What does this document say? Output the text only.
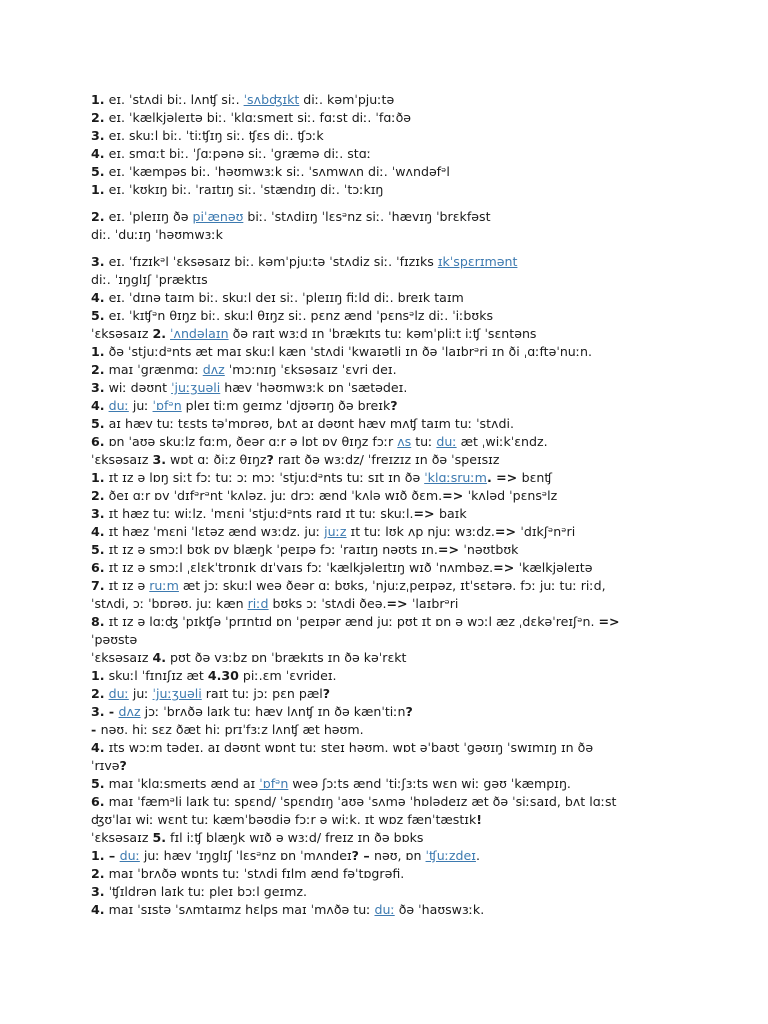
1. eɪ. ˈstʌdi biː. lʌnʧ siː. ˈsʌbʤɪkt diː. kəmˈpjuːtə
2. eɪ. ˈkælkjəleɪtə biː. ˈklɑːsmeɪt siː. fɑːst diː. ˈfɑːðə
3. eɪ. skuːl biː. ˈtiːʧɪŋ siː. ʧɛs diː. ʧɔːk
4. eɪ. smɑːt biː. ˈʃɑːpənə siː. ˈgræmə diː. stɑː
5. eɪ. ˈkæmpəs biː. ˈhəʊmwɜːk siː. ˈsʌmwʌn diː. ˈwʌndəfᵊl
1. eɪ. ˈkʊkɪŋ biː. ˈraɪtɪŋ siː. ˈstændɪŋ diː. ˈtɔːkɪŋ
2. eɪ. ˈpleɪɪŋ ðə piˈænəʊ biː. ˈstʌdiɪŋ ˈlɛsᵊnz siː. ˈhævɪŋ ˈbrɛkfəst
diː. ˈduːɪŋ ˈhəʊmwɜːk
3. eɪ. ˈfɪzɪkᵊl ˈɛksəsaɪz biː. kəmˈpjuːtə ˈstʌdiz siː. ˈfɪzɪks ɪkˈspɛrɪmənt
diː. ˈɪŋglɪʃ ˈpræktɪs
4. eɪ. ˈdɪnə taɪm biː. skuːl deɪ siː. ˈpleɪɪŋ fiːld diː. breɪk taɪm
5. eɪ. ˈkɪʧᵊn θɪŋz biː. skuːl θɪŋz siː. pɛnz ænd ˈpɛnsᵊlz diː. ˈiːbʊks
ˈɛksəsaɪz 2. ˈʌndəlaɪn ðə raɪt wɜːd ɪn ˈbrækɪts tuː kəmˈpliːt iːʧ ˈsɛntəns
1. ðə ˈstjuːdᵊnts æt maɪ skuːl kæn ˈstʌdi ˈkwaɪətli ɪn ðə ˈlaɪbrᵊri ɪn ði ˌɑːftəˈnuːn.
2. maɪ ˈgrænmɑː dʌz ˈmɔːnɪŋ ˈɛksəsaɪz ˈɛvri deɪ.
3. wiː dəʊnt ˈjuːʒuəli hæv ˈhəʊmwɜːk ɒn ˈsætədeɪ.
4. duː juː ˈɒfᵊn pleɪ tiːm geɪmz ˈdjʊərɪŋ ðə breɪk?
5. aɪ hæv tuː tɛsts təˈmɒrəʊ, bʌt aɪ dəʊnt hæv mʌʧ taɪm tuː ˈstʌdi.
6. ɒn ˈaʊə skuːlz fɑːm, ðeər ɑːr ə lɒt ɒv θɪŋz fɔːr ʌs tuː duː æt ˌwiːkˈɛndz.
ˈɛksəsaɪz 3. wɒt ɑː ðiːz θɪŋz? raɪt ðə wɜːdz/ ˈfreɪzɪz ɪn ðə ˈspeɪsɪz
1. ɪt ɪz ə lɒŋ siːt fɔː tuː ɔː mɔː ˈstjuːdᵊnts tuː sɪt ɪn ðə ˈklɑːsruːm. => bɛnʧ
2. ðeɪ ɑːr ɒv ˈdɪfᵊrᵊnt ˈkʌləz. juː drɔː ænd ˈkʌlə wɪð ðɛm.=> ˈkʌləd ˈpɛnsᵊlz
3. ɪt hæz tuː wiːlz. ˈmɛni ˈstjuːdᵊnts raɪd ɪt tuː skuːl.=> baɪk
4. ɪt hæz ˈmɛni ˈlɛtəz ænd wɜːdz. juː juːz ɪt tuː lʊk ʌp njuː wɜːdz.=> ˈdɪkʃᵊnᵊri
5. ɪt ɪz ə smɔːl bʊk ɒv blæŋk ˈpeɪpə fɔː ˈraɪtɪŋ nəʊts ɪn.=> ˈnəʊtbʊk
6. ɪt ɪz ə smɔːl ˌɛlɛkˈtrɒnɪk dɪˈvaɪs fɔː ˈkælkjəleɪtɪŋ wɪð ˈnʌmbəz.=> ˈkælkjəleɪtə
7. ɪt ɪz ə ruːm æt jɔː skuːl weə ðeər ɑː bʊks, ˈnjuːzˌpeɪpəz, ɪtˈsɛtərə. fɔː juː tuː riːd,
ˈstʌdi, ɔː ˈbɒrəʊ. juː kæn riːd bʊks ɔː ˈstʌdi ðeə.=> ˈlaɪbrᵊri
8. ɪt ɪz ə lɑːʤ ˈpɪkʧə ˈprɪntɪd ɒn ˈpeɪpər ænd juː pʊt ɪt ɒn ə wɔːl æz ˌdɛkəˈreɪʃᵊn. =>
ˈpəʊstə
ˈɛksəsaɪz 4. pʊt ðə vɜːbz ɒn ˈbrækɪts ɪn ðə kəˈrɛkt
1. skuːl ˈfɪnɪʃɪz æt 4.30 piː.ɛm ˈɛvrideɪ.
2. duː juː ˈjuːʒuəli raɪt tuː jɔː pɛn pæl?
3. - dʌz jɔː ˈbrʌðə laɪk tuː hæv lʌnʧ ɪn ðə kænˈtiːn?
- nəʊ. hiː sɛz ðæt hiː prɪˈfɜːz lʌnʧ æt həʊm.
4. ɪts wɔːm tədeɪ. aɪ dəʊnt wɒnt tuː steɪ həʊm. wɒt əˈbaʊt ˈgəʊɪŋ ˈswɪmɪŋ ɪn ðə
ˈrɪvə?
5. maɪ ˈklɑːsmeɪts ænd aɪ ˈɒfᵊn weə ʃɔːts ænd ˈtiːʃɜːts wɛn wiː gəʊ ˈkæmpɪŋ.
6. maɪ ˈfæmᵊli laɪk tuː spɛnd/ ˈspɛndɪŋ ˈaʊə ˈsʌmə ˈhɒlədeɪz æt ðə ˈsiːsaɪd, bʌt lɑːst
ʤʊˈlaɪ wiː wɛnt tuː kæmˈbəʊdiə fɔːr ə wiːk. ɪt wɒz fænˈtæstɪk!
ˈɛksəsaɪz 5. fɪl iːʧ blæŋk wɪð ə wɜːd/ freɪz ɪn ðə bɒks
1. – duː juː hæv ˈɪŋglɪʃ ˈlɛsᵊnz ɒn ˈmʌndeɪ? – nəʊ, ɒn ˈʧuːzdeɪ.
2. maɪ ˈbrʌðə wɒnts tuː ˈstʌdi fɪlm ænd fəˈtɒgrəfi.
3. ˈʧɪldrən laɪk tuː pleɪ bɔːl geɪmz.
4. maɪ ˈsɪstə ˈsʌmtaɪmz hɛlps maɪ ˈmʌðə tuː duː ðə ˈhaʊswɜːk.
